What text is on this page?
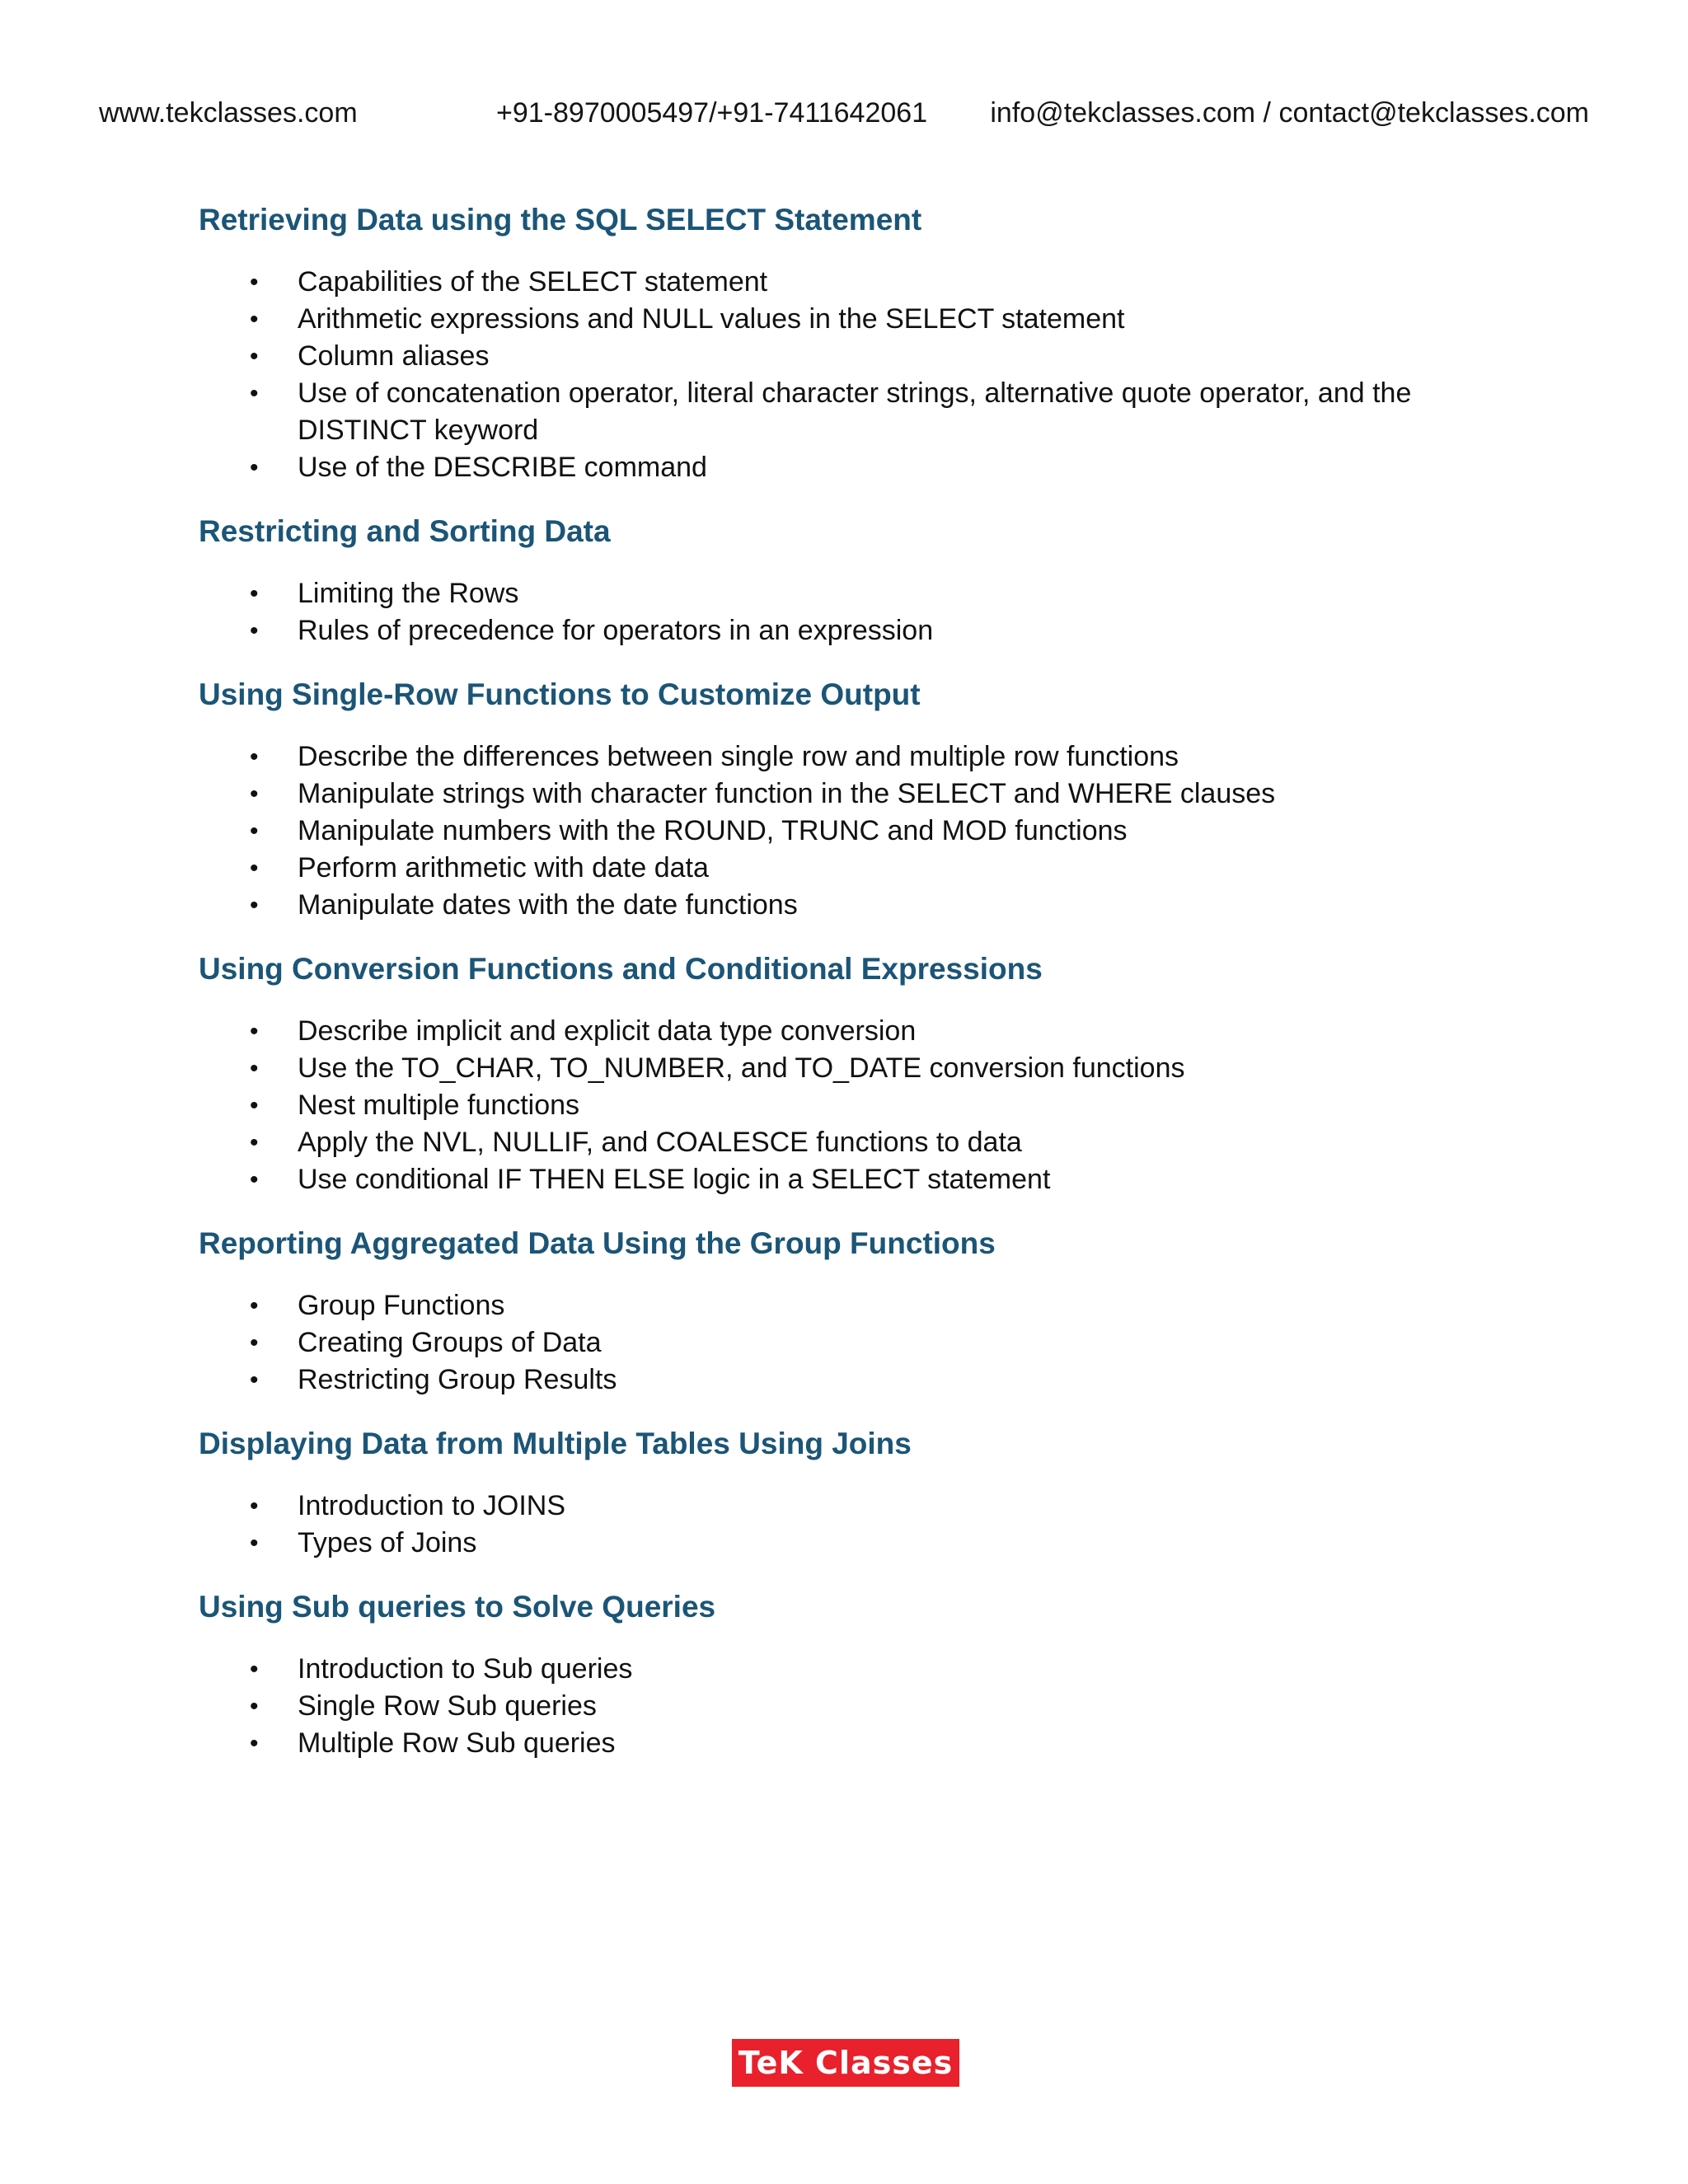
www.tekclasses.com	+91-8970005497/+91-7411642061 info@tekclasses.com / contact@tekclasses.com
Retrieving Data using the SQL SELECT Statement
• Capabilities of the SELECT statement
• Arithmetic expressions and NULL values in the SELECT statement
• Column aliases
• Use of concatenation operator, literal character strings, alternative quote operator, and the DISTINCT keyword
• Use of the DESCRIBE command
Restricting and Sorting Data
• Limiting the Rows
• Rules of precedence for operators in an expression
Using Single-Row Functions to Customize Output
• Describe the differences between single row and multiple row functions
• Manipulate strings with character function in the SELECT and WHERE clauses
• Manipulate numbers with the ROUND, TRUNC and MOD functions
• Perform arithmetic with date data
• Manipulate dates with the date functions
Using Conversion Functions and Conditional Expressions
• Describe implicit and explicit data type conversion
• Use the TO_CHAR, TO_NUMBER, and TO_DATE conversion functions
• Nest multiple functions
• Apply the NVL, NULLIF, and COALESCE functions to data
• Use conditional IF THEN ELSE logic in a SELECT statement
Reporting Aggregated Data Using the Group Functions
• Group Functions
• Creating Groups of Data
• Restricting Group Results
Displaying Data from Multiple Tables Using Joins
• Introduction to JOINS
• Types of Joins
Using Sub queries to Solve Queries
• Introduction to Sub queries
• Single Row Sub queries
• Multiple Row Sub queries
TeK Classes
